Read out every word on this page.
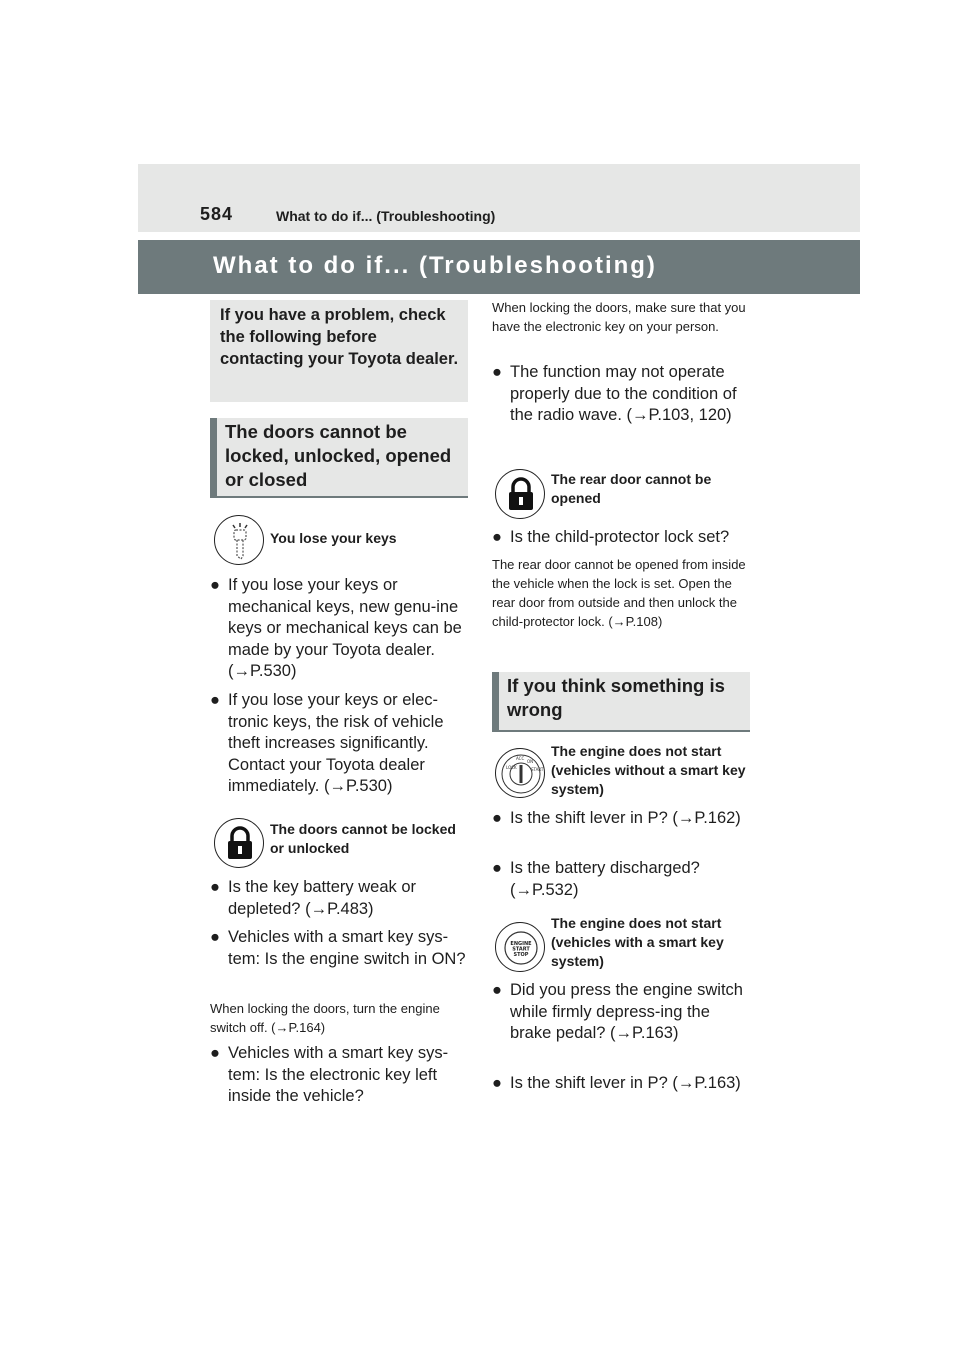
584	What to do if... (Troubleshooting)
What to do if... (Troubleshooting)

If you have a problem, check the following before contacting your Toyota dealer.

The doors cannot be locked, unlocked, opened or closed
You lose your keys
● If you lose your keys or mechanical keys, new genu-ine keys or mechanical keys can be made by your Toyota dealer. (→P.530)
● If you lose your keys or elec-tronic keys, the risk of vehicle theft increases significantly. Contact your Toyota dealer immediately. (→P.530)
The doors cannot be locked or unlocked
● Is the key battery weak or depleted? (→P.483)
● Vehicles with a smart key sys-tem: Is the engine switch in ON?
When locking the doors, turn the engine switch off. (→P.164)
● Vehicles with a smart key sys-tem: Is the electronic key left inside the vehicle?
When locking the doors, make sure that you have the electronic key on your person.
● The function may not operate properly due to the condition of the radio wave. (→P.103, 120)
The rear door cannot be opened
● Is the child-protector lock set?
The rear door cannot be opened from inside the vehicle when the lock is set. Open the rear door from outside and then unlock the child-protector lock. (→P.108)
If you think something is wrong
LOCK
ACC
ON
START
The engine does not start (vehicles without a smart key system)
● Is the shift lever in P? (→P.162)
● Is the battery discharged? (→P.532)
ENGINE
START
STOP
The engine does not start (vehicles with a smart key system)
● Did you press the engine switch while firmly depress-ing the brake pedal? (→P.163)
● Is the shift lever in P? (→P.163)
